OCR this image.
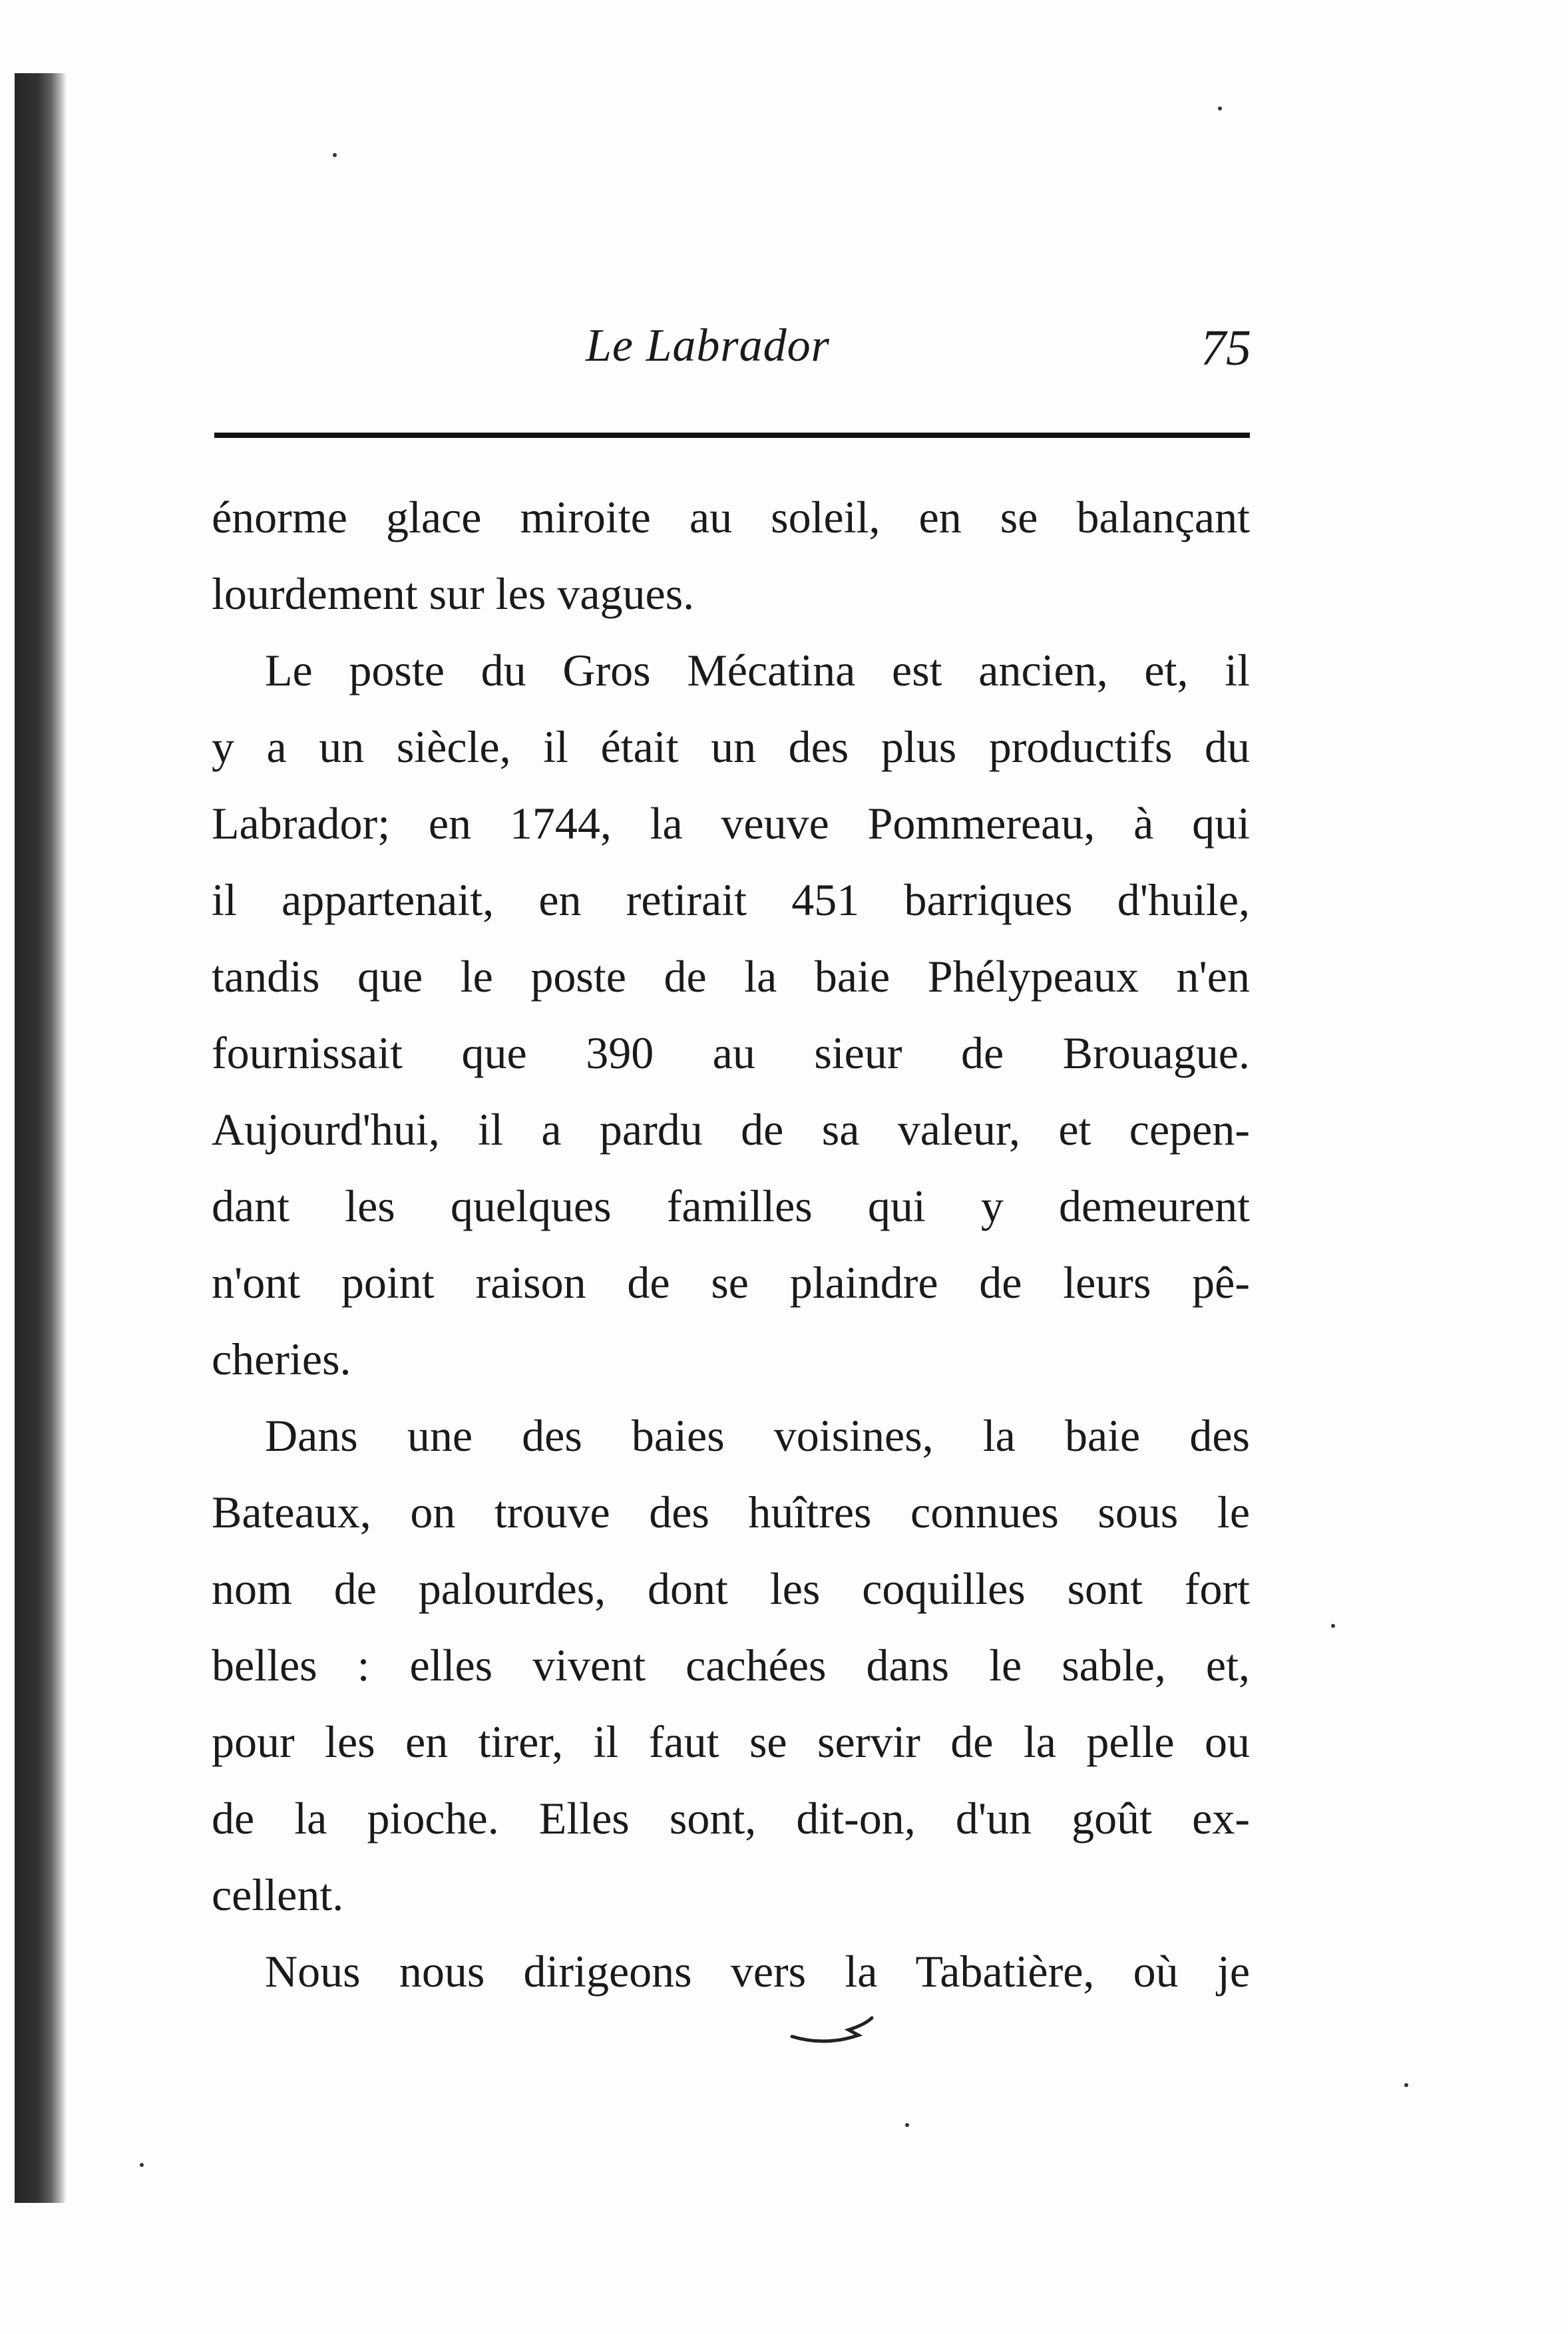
Le Labrador	75
énorme glace miroite au soleil, en se balançant
lourdement sur les vagues.
Le poste du Gros Mécatina est ancien, et, il
y a un siècle, il était un des plus productifs du
Labrador; en 1744, la veuve Pommereau, à qui
il appartenait, en retirait 451 barriques d'huile,
tandis que le poste de la baie Phélypeaux n'en
fournissait que 390 au sieur de Brouague.
Aujourd'hui, il a pardu de sa valeur, et cepen-
dant les quelques familles qui y demeurent
n'ont point raison de se plaindre de leurs pê-
cheries.
Dans une des baies voisines, la baie des
Bateaux, on trouve des huîtres connues sous le
nom de palourdes, dont les coquilles sont fort
belles : elles vivent cachées dans le sable, et,
pour les en tirer, il faut se servir de la pelle ou
de la pioche. Elles sont, dit-on, d'un goût ex-
cellent.
Nous nous dirigeons vers la Tabatière, où je
